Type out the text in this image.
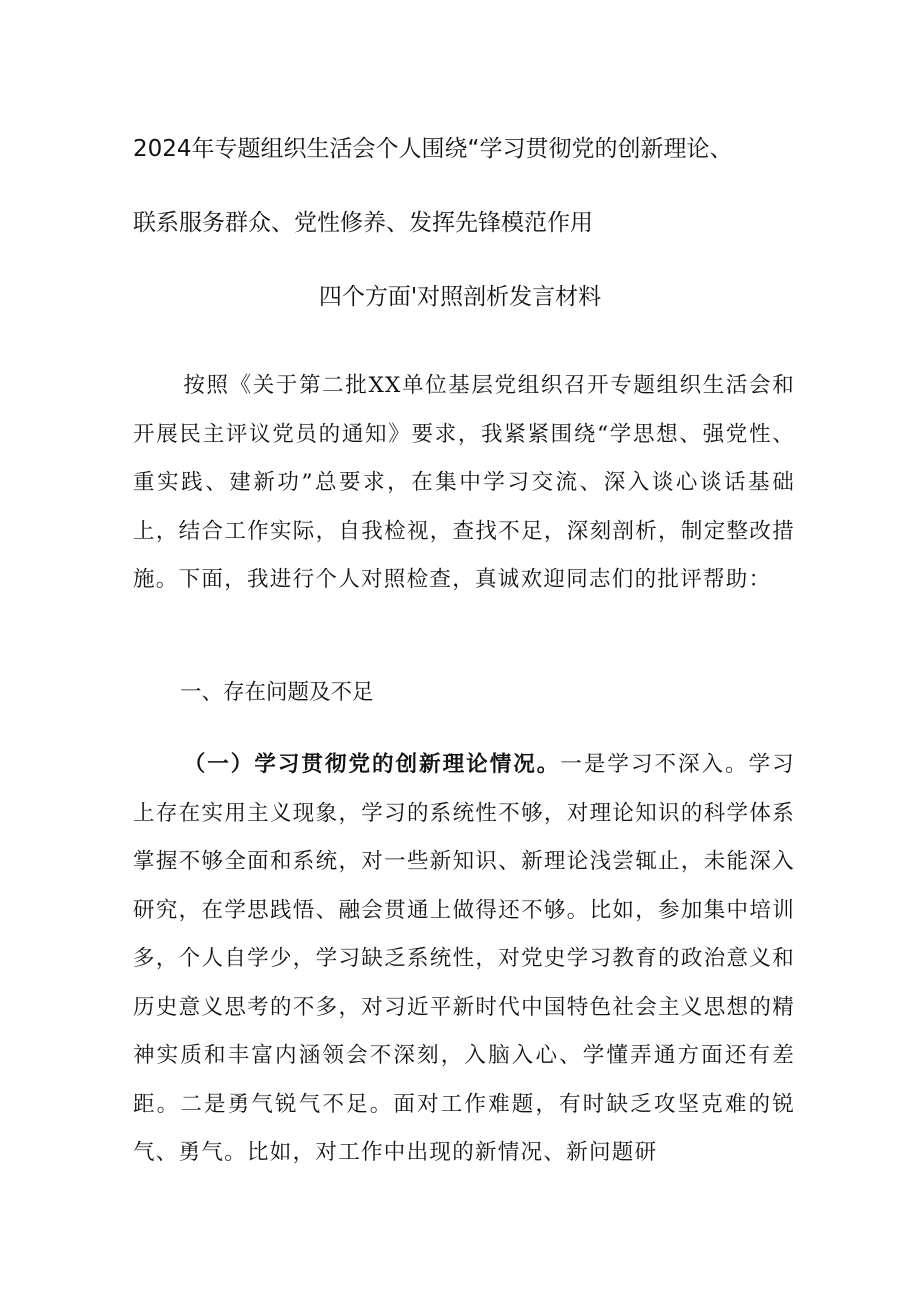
2024年专题组织生活会个人围绕“学习贯彻党的创新理论、
联系服务群众、党性修养、发挥先锋模范作用
四个方面'对照剖析发言材料
按照《关于第二批XX单位基层党组织召开专题组织生活会和开展民主评议党员的通知》要求，我紧紧围绕“学思想、强党性、重实践、建新功”总要求，在集中学习交流、深入谈心谈话基础上，结合工作实际，自我检视，查找不足，深刻剖析，制定整改措施。下面，我进行个人对照检查，真诚欢迎同志们的批评帮助：
一、存在问题及不足
（一）学习贯彻党的创新理论情况。一是学习不深入。学习上存在实用主义现象，学习的系统性不够，对理论知识的科学体系掌握不够全面和系统，对一些新知识、新理论浅尝辄止，未能深入研究，在学思践悟、融会贯通上做得还不够。比如，参加集中培训多，个人自学少，学习缺乏系统性，对党史学习教育的政治意义和历史意义思考的不多，对习近平新时代中国特色社会主义思想的精神实质和丰富内涵领会不深刻，入脑入心、学懂弄通方面还有差距。二是勇气锐气不足。面对工作难题，有时缺乏攻坚克难的锐气、勇气。比如，对工作中出现的新情况、新问题研
